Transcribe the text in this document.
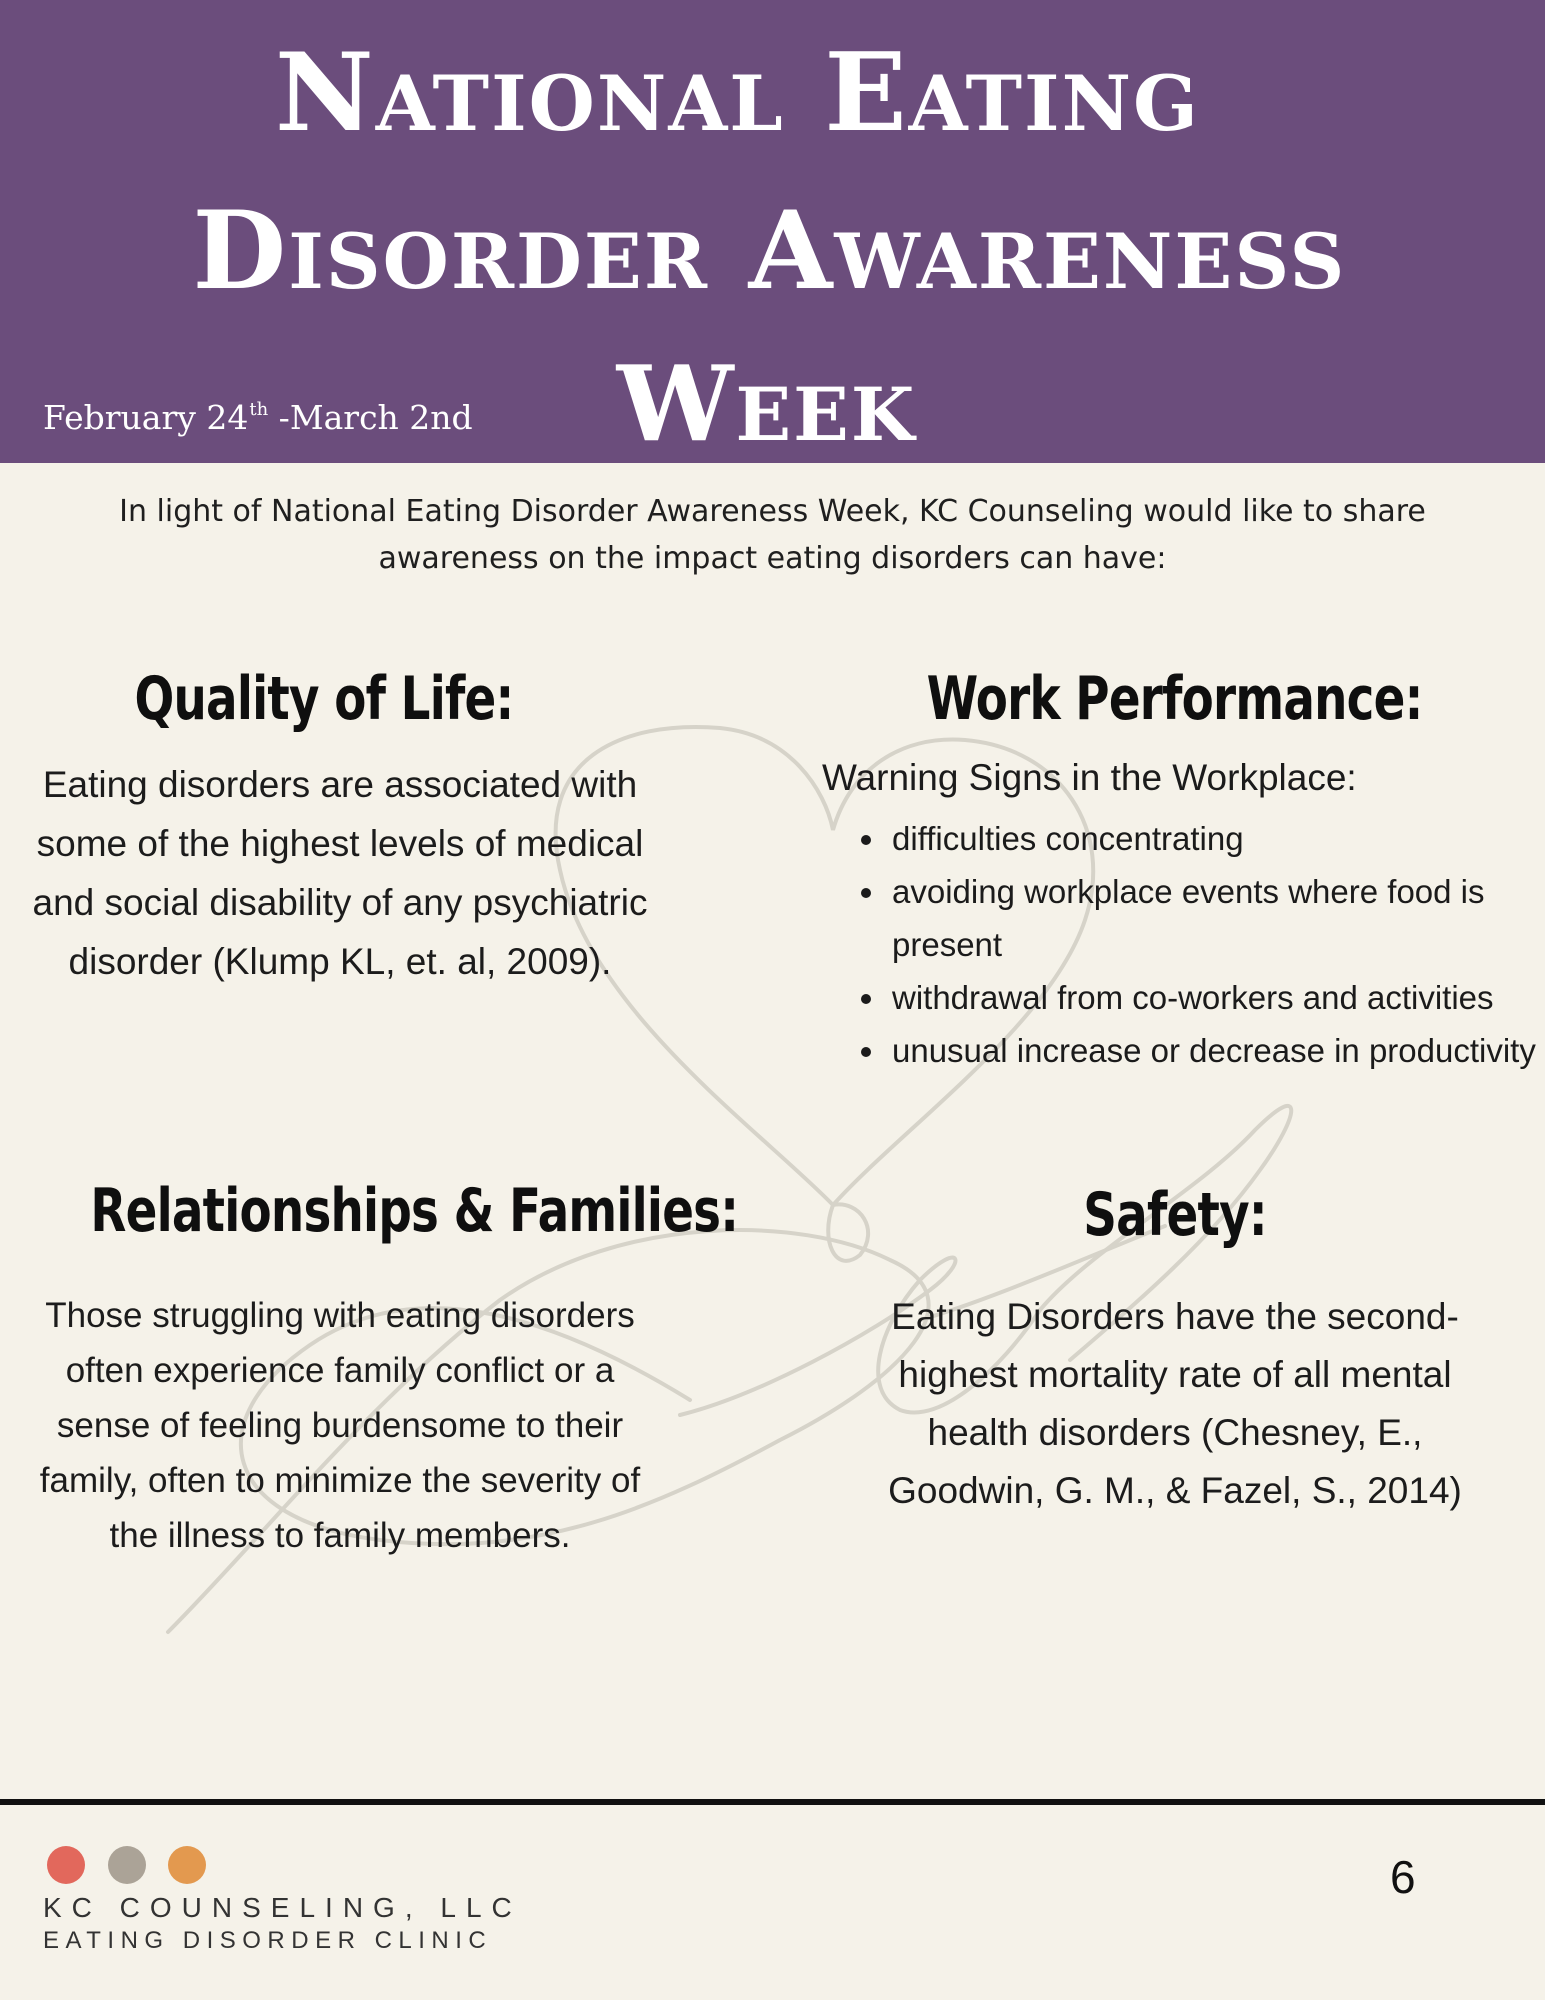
National Eating
Disorder Awareness
Week
February 24th -March 2nd
In light of National Eating Disorder Awareness Week, KC Counseling would like to share awareness on the impact eating disorders can have:
Quality of Life:
Eating disorders are associated with some of the highest levels of medical and social disability of any psychiatric disorder (Klump KL, et. al, 2009).
Work Performance:
Warning Signs in the Workplace:
• difficulties concentrating
• avoiding workplace events where food is present
• withdrawal from co-workers and activities
• unusual increase or decrease in productivity
Relationships & Families:
Those struggling with eating disorders often experience family conflict or a sense of feeling burdensome to their family, often to minimize the severity of the illness to family members.
Safety:
Eating Disorders have the second-highest mortality rate of all mental health disorders (Chesney, E., Goodwin, G. M., & Fazel, S., 2014)
KC COUNSELING, LLC
EATING DISORDER CLINIC
6
